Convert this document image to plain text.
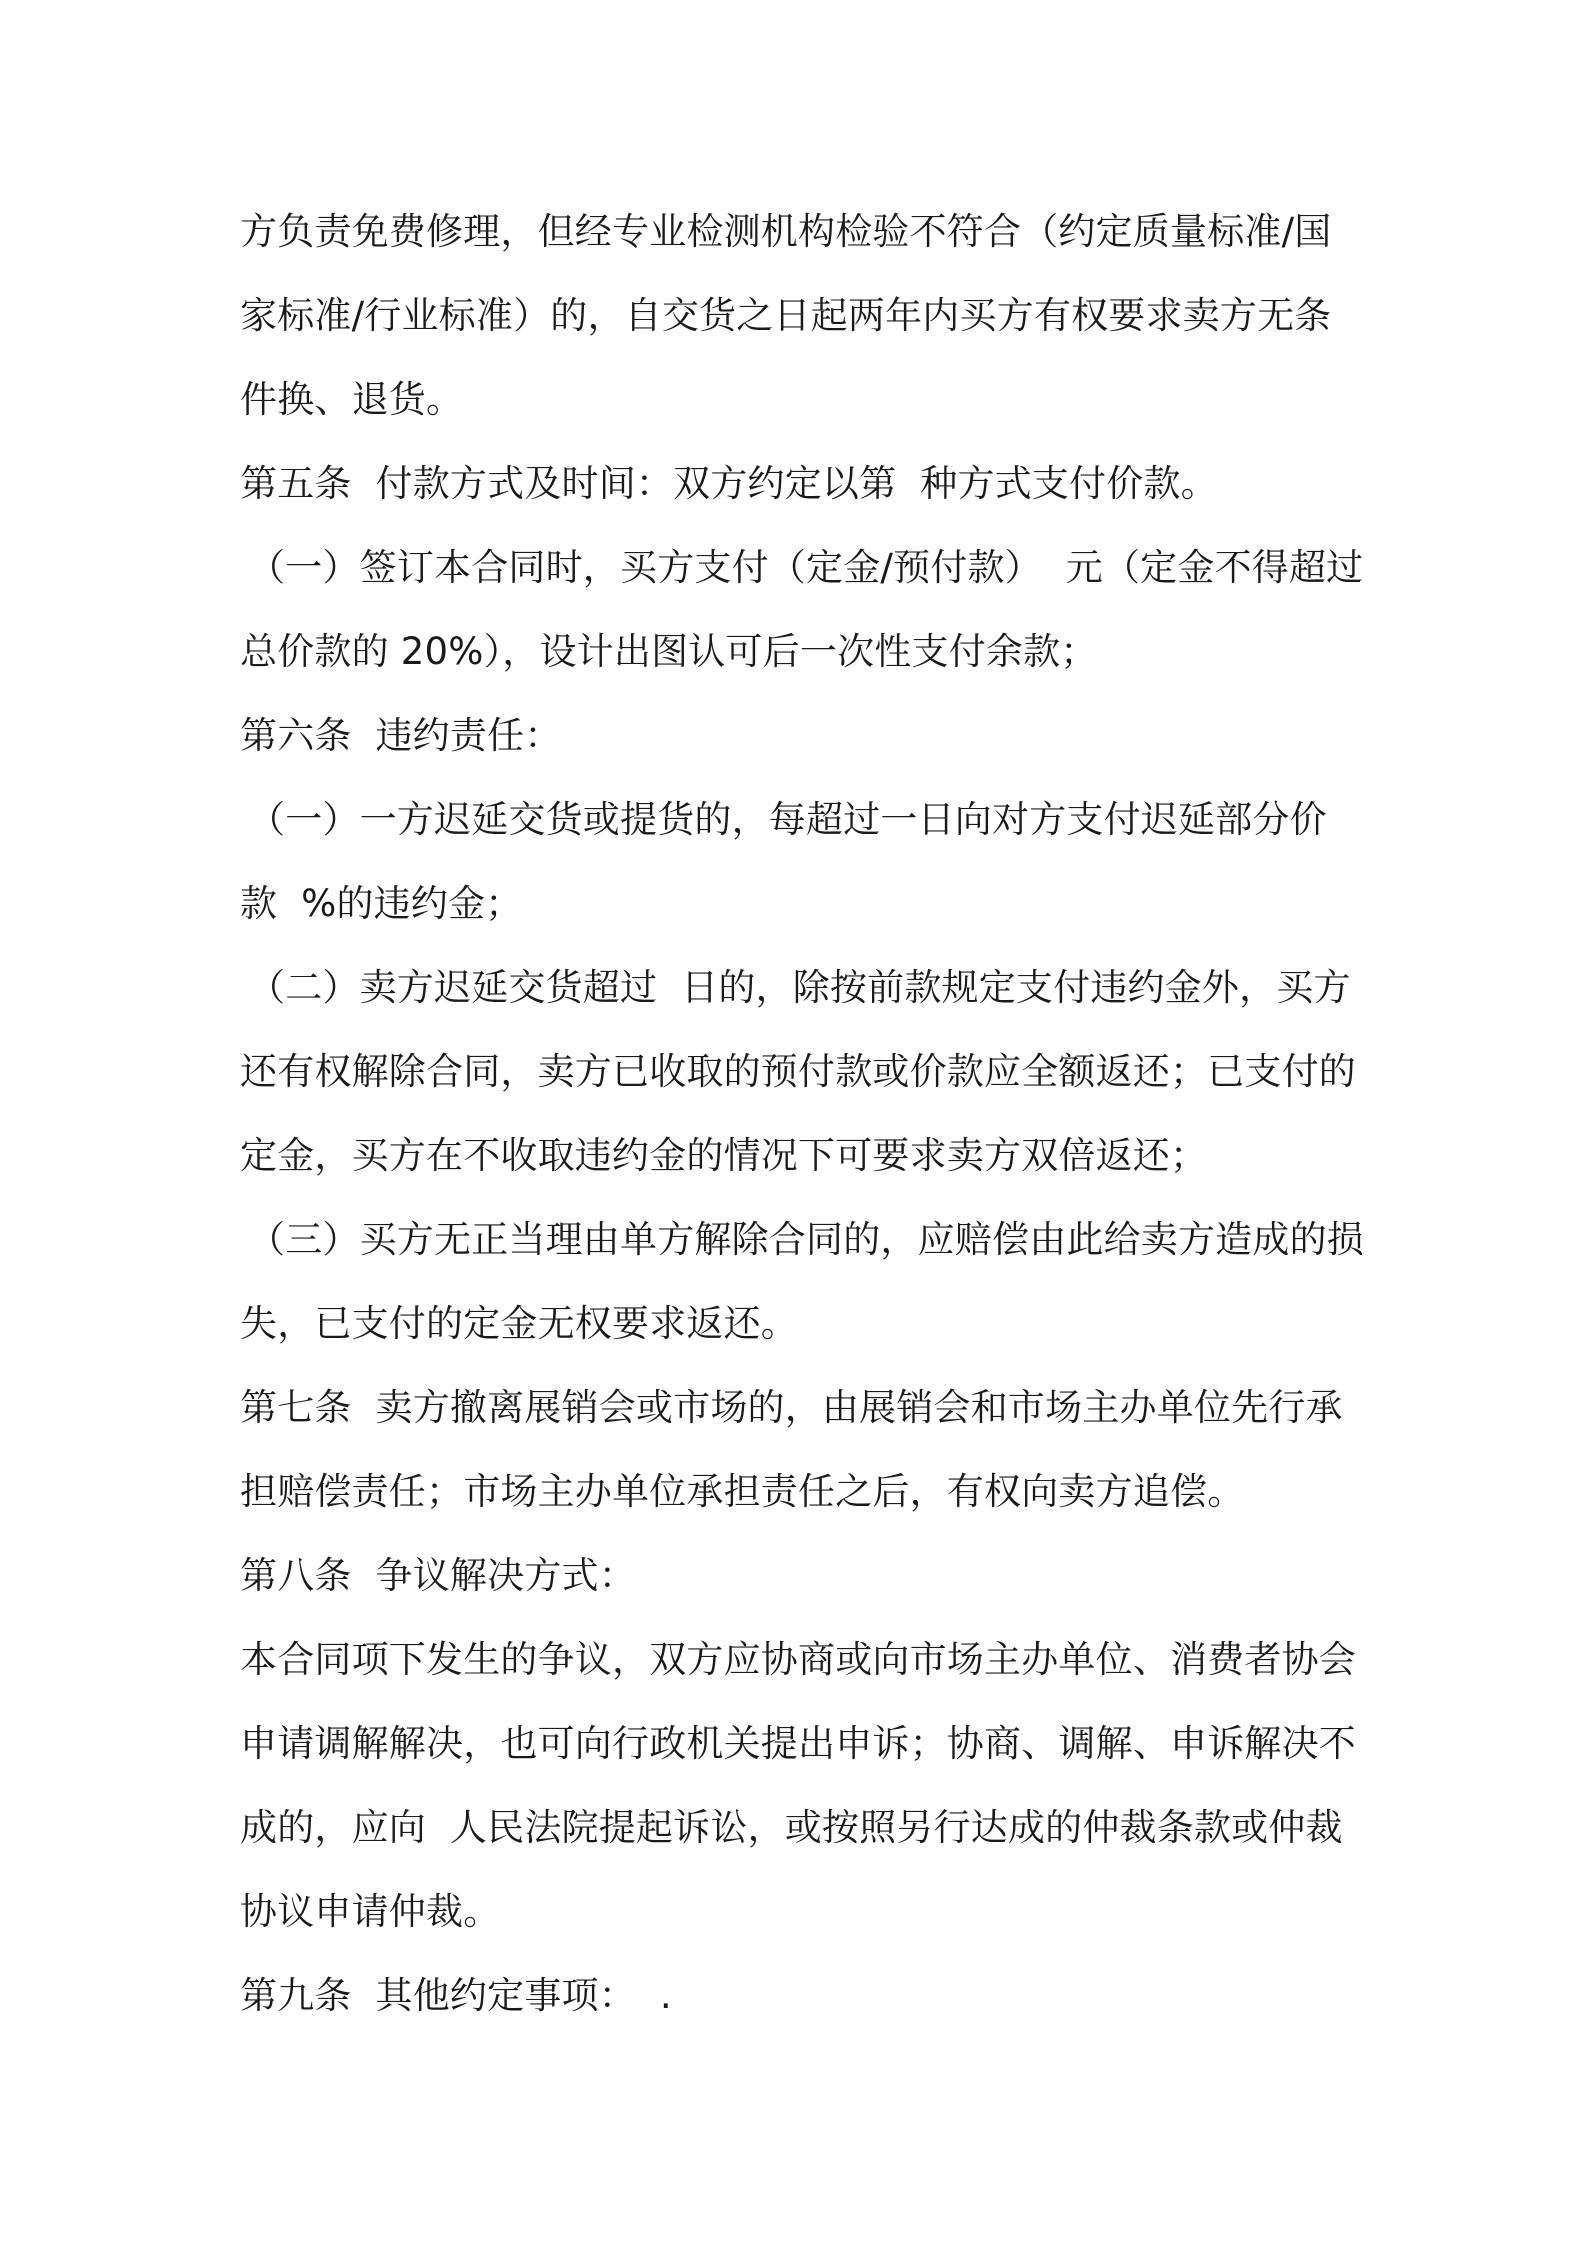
方负责免费修理，但经专业检测机构检验不符合（约定质量标准/国
家标准/行业标准）的，自交货之日起两年内买方有权要求卖方无条
件换、退货。
第五条  付款方式及时间：双方约定以第  种方式支付价款。
（一）签订本合同时，买方支付（定金/预付款）  元（定金不得超过
总价款的 20%），设计出图认可后一次性支付余款；
第六条  违约责任：
（一）一方迟延交货或提货的，每超过一日向对方支付迟延部分价
款  %的违约金；
（二）卖方迟延交货超过  日的，除按前款规定支付违约金外，买方
还有权解除合同，卖方已收取的预付款或价款应全额返还；已支付的
定金，买方在不收取违约金的情况下可要求卖方双倍返还；
（三）买方无正当理由单方解除合同的，应赔偿由此给卖方造成的损
失，已支付的定金无权要求返还。
第七条  卖方撤离展销会或市场的，由展销会和市场主办单位先行承
担赔偿责任；市场主办单位承担责任之后，有权向卖方追偿。
第八条  争议解决方式：
本合同项下发生的争议，双方应协商或向市场主办单位、消费者协会
申请调解解决，也可向行政机关提出申诉；协商、调解、申诉解决不
成的，应向  人民法院提起诉讼，或按照另行达成的仲裁条款或仲裁
协议申请仲裁。
第九条  其他约定事项：  .
